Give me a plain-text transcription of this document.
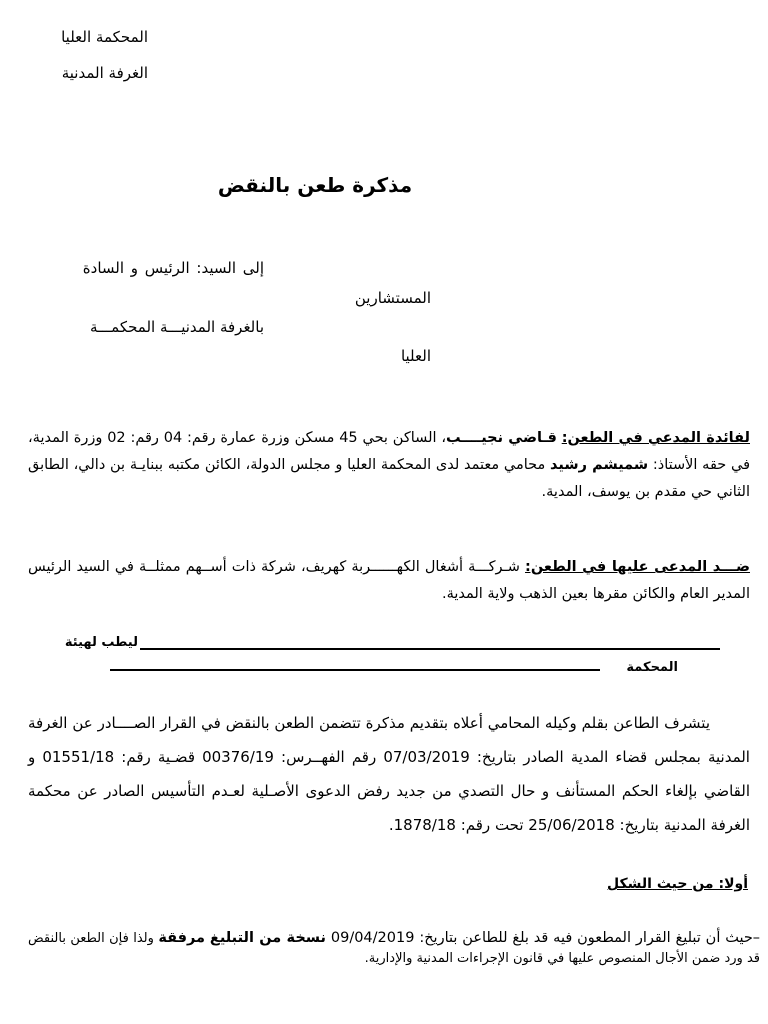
المحكمة العليا
الغرفة المدنية
مذكرة طعن بالنقض
إلى السيد: الرئيس و السادة
المستشارين
بالغرفة المدنيـــة المحكمـــة
العليا
لفائدة المدعي في الطعن: قـاضي نجيــــب، الساكن بحي 45 مسكن وزرة عمارة رقم: 04 رقم: 02 وزرة المدية، في حقه الأستاذ: شميشم رشيد محامي معتمد لدى المحكمة العليا و مجلس الدولة، الكائن مكتبه ببنايـة بن دالي، الطابق الثاني حي مقدم بن يوسف، المدية.
ضـــد المدعى عليها في الطعن: شـركـــة أشغال الكهــــــربة كهريف، شركة ذات أســهم ممثلــة في السيد الرئيس المدير العام والكائن مقرها بعين الذهب ولاية المدية.
ليطب لهيئة
المحكمة
يتشرف الطاعن بقلم وكيله المحامي أعلاه بتقديم مذكرة تتضمن الطعن بالنقض في القرار الصــــادر عن الغرفة المدنية بمجلس قضاء المدية الصادر بتاريخ: 07/03/2019 رقم الفهــرس: 00376/19 قضـية رقم: 01551/18 و القاضي بإلغاء الحكم المستأنف و حال التصدي من جديد رفض الدعوى الأصـلية لعـدم التأسيس الصادر عن محكمة الغرفة المدنية بتاريخ: 25/06/2018 تحت رقم: 1878/18.
أولا: من حيث الشكل
–حيث أن تبليغ القرار المطعون فيه قد بلغ للطاعن بتاريخ: 09/04/2019 نسخة من التبليغ مرفقة ولذا فإن الطعن بالنقض قد ورد ضمن الأجال المنصوص عليها في قانون الإجراءات المدنية والإدارية.
